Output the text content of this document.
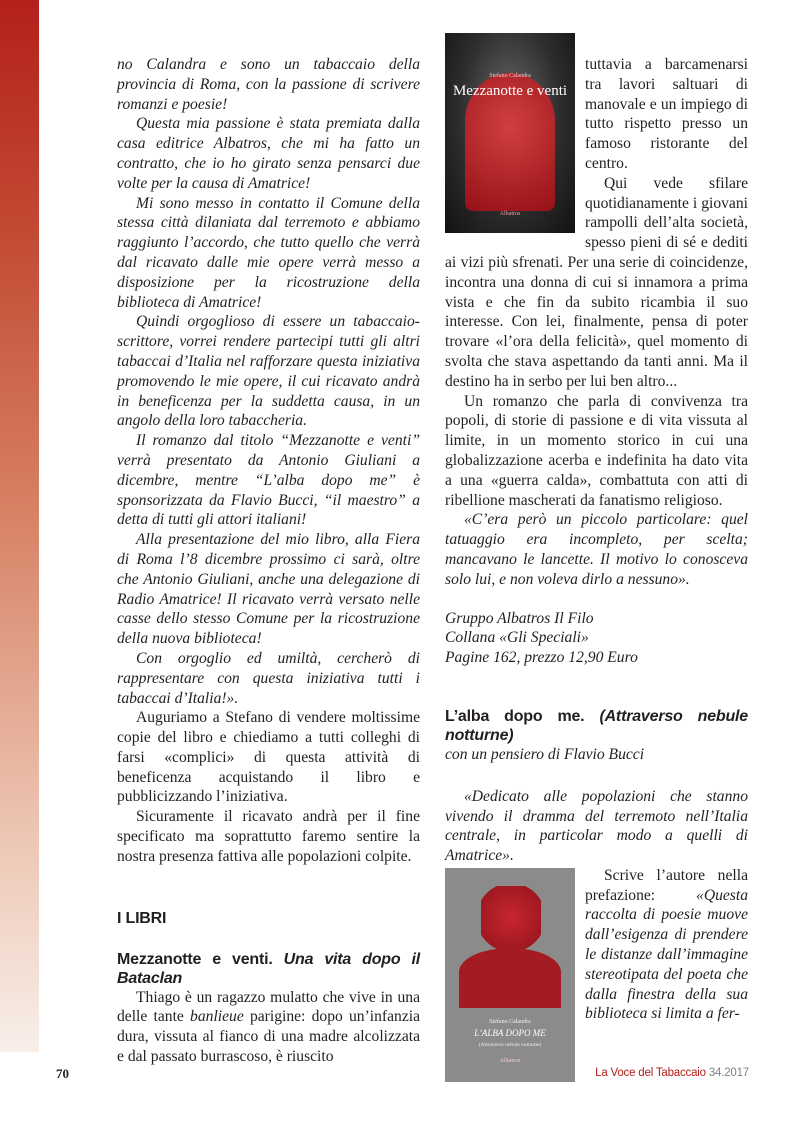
no Calandra e sono un tabaccaio della provincia di Roma, con la passione di scrivere romanzi e poesie!

Questa mia passione è stata premiata dalla casa editrice Albatros, che mi ha fatto un contratto, che io ho girato senza pensarci due volte per la causa di Amatrice!

Mi sono messo in contatto il Comune della stessa città dilaniata dal terremoto e abbiamo raggiunto l’accordo, che tutto quello che verrà dal ricavato dalle mie opere verrà messo a disposizione per la ricostruzione della biblioteca di Amatrice!

Quindi orgoglioso di essere un tabaccaio-scrittore, vorrei rendere partecipi tutti gli altri tabaccai d’Italia nel rafforzare questa iniziativa promovendo le mie opere, il cui ricavato andrà in beneficenza per la suddetta causa, in un angolo della loro tabaccheria.

Il romanzo dal titolo “Mezzanotte e venti” verrà presentato da Antonio Giuliani a dicembre, mentre “L’alba dopo me” è sponsorizzata da Flavio Bucci, “il maestro” a detta di tutti gli attori italiani!

Alla presentazione del mio libro, alla Fiera di Roma l’8 dicembre prossimo ci sarà, oltre che Antonio Giuliani, anche una delegazione di Radio Amatrice! Il ricavato verrà versato nelle casse dello stesso Comune per la ricostruzione della nuova biblioteca!

Con orgoglio ed umiltà, cercherò di rappresentare con questa iniziativa tutti i tabaccai d’Italia!».

Auguriamo a Stefano di vendere moltissime copie del libro e chiediamo a tutti colleghi di farsi «complici» di questa attività di beneficenza acquistando il libro e pubblicizzando l’iniziativa.

Sicuramente il ricavato andrà per il fine specificato ma soprattutto faremo sentire la nostra presenza fattiva alle popolazioni colpite.

I LIBRI

Mezzanotte e venti. Una vita dopo il Bataclan

Thiago è un ragazzo mulatto che vive in una delle tante banlieue parigine: dopo un’infanzia dura, vissuta al fianco di una madre alcolizzata e dal passato burrascoso, è riuscito

Stefano Calandra
Mezzanotte e venti
Albatros

tuttavia a barcamenarsi tra lavori saltuari di manovale e un impiego di tutto rispetto presso un famoso ristorante del centro.

Qui vede sfilare quotidianamente i giovani rampolli dell’alta società, spesso pieni di sé e dediti ai vizi più sfrenati. Per una serie di coincidenze, incontra una donna di cui si innamora a prima vista e che fin da subito ricambia il suo interesse. Con lei, finalmente, pensa di poter trovare «l’ora della felicità», quel momento di svolta che stava aspettando da tanti anni. Ma il destino ha in serbo per lui ben altro...

Un romanzo che parla di convivenza tra popoli, di storie di passione e di vita vissuta al limite, in un momento storico in cui una globalizzazione acerba e indefinita ha dato vita a una «guerra calda», combattuta con atti di ribellione mascherati da fanatismo religioso.

«C’era però un piccolo particolare: quel tatuaggio era incompleto, per scelta; mancavano le lancette. Il motivo lo conosceva solo lui, e non voleva dirlo a nessuno».

Gruppo Albatros Il Filo

Collana «Gli Speciali»

Pagine 162, prezzo 12,90 Euro

L’alba dopo me. (Attraverso nebule notturne)

con un pensiero di Flavio Bucci

«Dedicato alle popolazioni che stanno vivendo il dramma del terremoto nell’Italia centrale, in particolar modo a quelli di Amatrice».

Stefano Calandra
L’ALBA DOPO ME
(Attraverso nebule notturne)
Albatros

Scrive l’autore nella prefazione:	«Questa raccolta di poesie muove dall’esigenza di prendere le distanze dall’immagine stereotipata del poeta che dalla finestra della sua biblioteca si limita a fer-

70	La Voce del Tabaccaio 34.2017
